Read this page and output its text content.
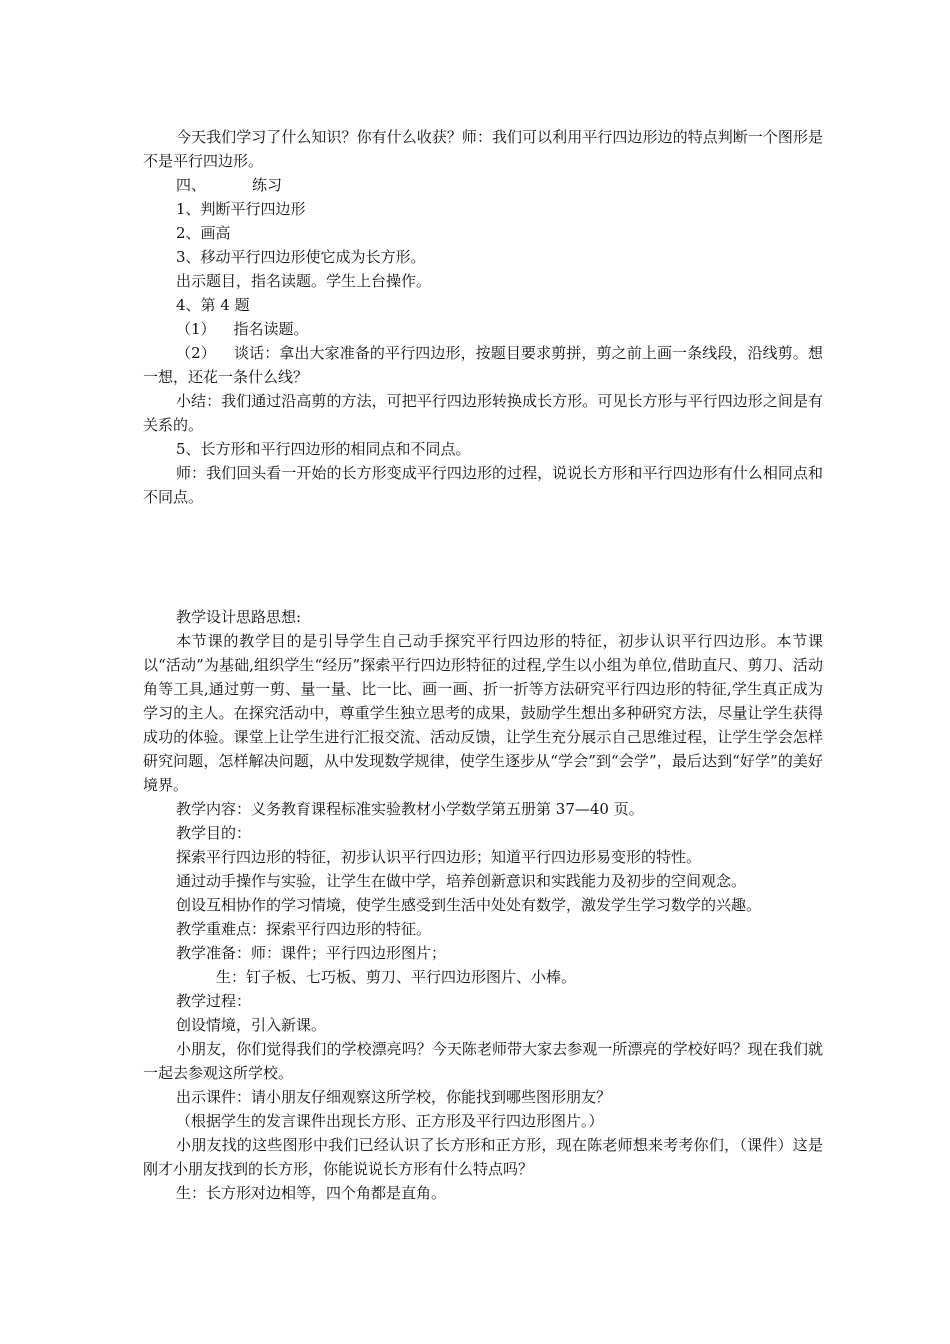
今天我们学习了什么知识？你有什么收获？师：我们可以利用平行四边形边的特点判断一个图形是不是平行四边形。

四、	练习

1、判断平行四边形

2、画高

3、移动平行四边形使它成为长方形。

出示题目，指名读题。学生上台操作。

4、第 4 题

（1） 指名读题。

（2） 谈话：拿出大家准备的平行四边形，按题目要求剪拼，剪之前上画一条线段，沿线剪。想一想，还花一条什么线？

小结：我们通过沿高剪的方法，可把平行四边形转换成长方形。可见长方形与平行四边形之间是有关系的。

5、长方形和平行四边形的相同点和不同点。

师：我们回头看一开始的长方形变成平行四边形的过程，说说长方形和平行四边形有什么相同点和不同点。

教学设计思路思想:

本节课的教学目的是引导学生自己动手探究平行四边形的特征，初步认识平行四边形。本节课以“活动”为基础,组织学生“经历”探索平行四边形特征的过程,学生以小组为单位,借助直尺、剪刀、活动角等工具,通过剪一剪、量一量、比一比、画一画、折一折等方法研究平行四边形的特征,学生真正成为学习的主人。在探究活动中，尊重学生独立思考的成果，鼓励学生想出多种研究方法，尽量让学生获得成功的体验。课堂上让学生进行汇报交流、活动反馈，让学生充分展示自己思维过程，让学生学会怎样研究问题，怎样解决问题，从中发现数学规律，使学生逐步从“学会”到“会学”，最后达到“好学”的美好境界。

教学内容：义务教育课程标准实验教材小学数学第五册第 37—40 页。

教学目的：

探索平行四边形的特征，初步认识平行四边形；知道平行四边形易变形的特性。

通过动手操作与实验，让学生在做中学，培养创新意识和实践能力及初步的空间观念。

创设互相协作的学习情境，使学生感受到生活中处处有数学，激发学生学习数学的兴趣。

教学重难点：探索平行四边形的特征。

教学准备：师：课件；平行四边形图片；

生：钉子板、七巧板、剪刀、平行四边形图片、小棒。

教学过程：

创设情境，引入新课。

小朋友，你们觉得我们的学校漂亮吗？今天陈老师带大家去参观一所漂亮的学校好吗？现在我们就一起去参观这所学校。

出示课件：请小朋友仔细观察这所学校，你能找到哪些图形朋友？

（根据学生的发言课件出现长方形、正方形及平行四边形图片。）

小朋友找的这些图形中我们已经认识了长方形和正方形，现在陈老师想来考考你们，（课件）这是刚才小朋友找到的长方形，你能说说长方形有什么特点吗？

生：长方形对边相等，四个角都是直角。
